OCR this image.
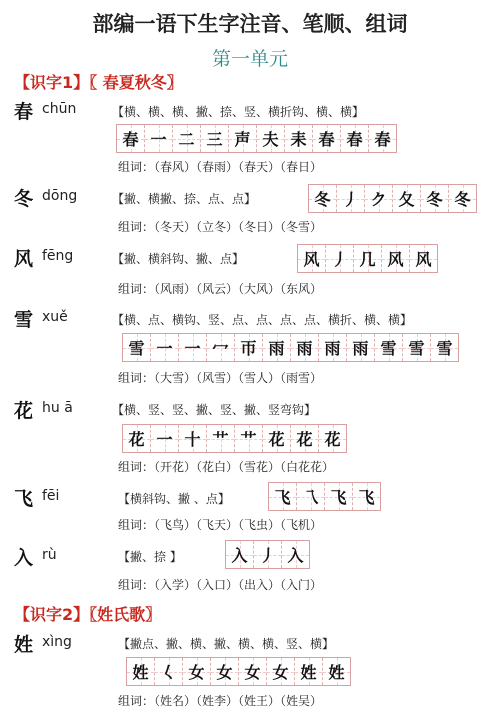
部编一语下生字注音、笔顺、组词
第一单元
【识字1】〖 春夏秋冬〗
春 chūn	【横、横、横、撇、捺、竖、横折钩、横、横】
春 一 二 三 声 夫 耒 春 春 春
组词：（春风）（春雨）（春天）（春日）
冬 dōng	【撇、横撇、捺、点、点】	冬 丿 ク 夂 冬 冬
组词：（冬天）（立冬）（冬日）（冬雪）
风 fēng	【撇、横斜钩、撇、点】	风 丿 几 风 风
组词：（风雨）（风云）（大风）（东风）
雪 xuě	【横、点、横钩、竖、点、点、点、点、横折、横、横】
雪 一 一 冖 帀 雨 雨 雨 雨 雪 雪 雪
组词：（大雪）（风雪）（雪人）（雨雪）
花 hu ā	【横、竖、竖、撇、竖、撇、竖弯钩】
花 一 十 艹 艹 花 花 花
组词：（开花）（花白）（雪花）（白花花）
飞 fēi	【横斜钩、撇 、点】	飞 乁 飞 飞
组词：（飞鸟）（飞天）（飞虫）（飞机）
入 rù	【撇、捺 】	入 丿 入
组词：（入学）（入口）（出入）（入门）
【识字2】〖姓氏歌〗
姓 xìng	【撇点、撇、横、撇、横、横、竖、横】
姓 𡿨 女 女 女 女 姓 姓
组词：（姓名）（姓李）（姓王）（姓吴）
